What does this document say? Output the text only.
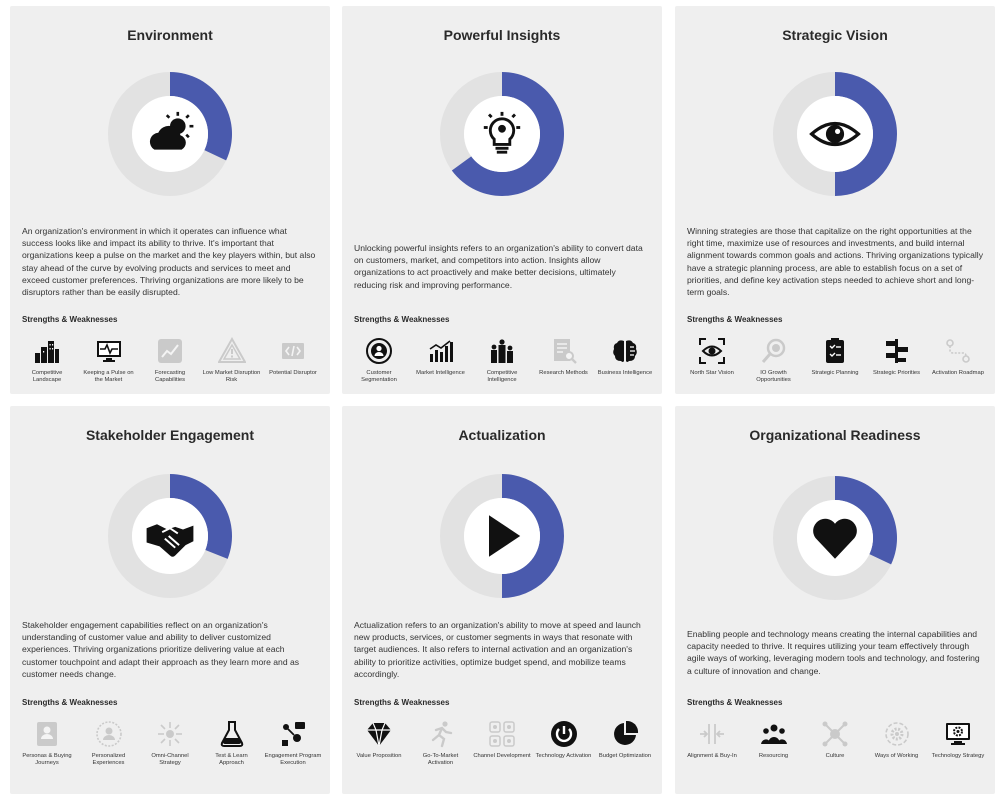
Environment
An organization's environment in which it operates can influence what success looks like and impact its ability to thrive. It's important that organizations keep a pulse on the market and the key players within, but also stay ahead of the curve by evolving products and services to meet and exceed customer preferences. Thriving organizations are more likely to be disruptors rather than be easily disrupted.
Strengths & Weaknesses
Competitive Landscape
Keeping a Pulse on the Market
Forecasting Capabilities
Low Market Disruption Risk
Potential Disruptor
Powerful Insights
Unlocking powerful insights refers to an organization's ability to convert data on customers, market, and competitors into action. Insights allow organizations to act proactively and make better decisions, ultimately reducing risk and improving performance.
Strengths & Weaknesses
Customer Segmentation
Market Intelligence	Competitive Intelligence
Research Methods	Business Intelligence
Strategic Vision
Winning strategies are those that capitalize on the right opportunities at the right time, maximize use of resources and investments, and build internal alignment towards common goals and actions. Thriving organizations typically have a strategic planning process, are able to establish focus on a set of priorities, and define key activation steps needed to achieve short and long-term goals.
Strengths & Weaknesses
North Star Vision	IO Growth Opportunities
Strategic Planning	Strategic Priorities	Activation Roadmap
Stakeholder Engagement
Stakeholder engagement capabilities reflect on an organization's understanding of customer value and ability to deliver customized experiences. Thriving organizations prioritize delivering value at each customer touchpoint and adapt their approach as they learn more and as customer needs change.
Strengths & Weaknesses
Personas & Buying Journeys
Personalized Experiences
Omni-Channel Strategy
Test & Learn Approach
Engagement Program Execution
Actualization
Actualization refers to an organization's ability to move at speed and launch new products, services, or customer segments in ways that resonate with target audiences. It also refers to internal activation and an organization's ability to prioritize activities, optimize budget spend, and mobilize teams accordingly.
Strengths & Weaknesses
Value Proposition	Go-To-Market Activation
Channel Development Technology Activation	Budget Optimization
Organizational Readiness
Enabling people and technology means creating the internal capabilities and capacity needed to thrive. It requires utilizing your team effectively through agile ways of working, leveraging modern tools and technology, and fostering a culture of innovation and change.
Strengths & Weaknesses
Alignment & Buy-In	Resourcing	Culture	Ways of Working	Technology Strategy
